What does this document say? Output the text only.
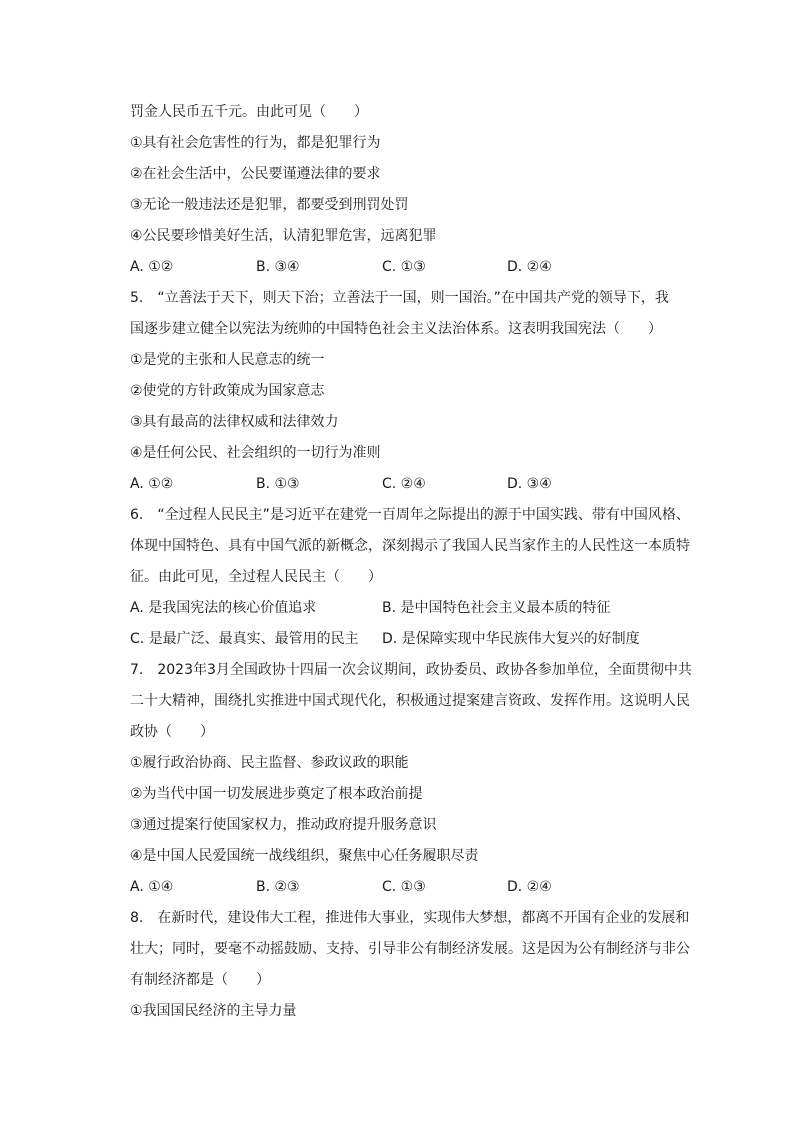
罚金人民币五千元。由此可见（　　）
①具有社会危害性的行为，都是犯罪行为
②在社会生活中，公民要谨遵法律的要求
③无论一般违法还是犯罪，都要受到刑罚处罚
④公民要珍惜美好生活，认清犯罪危害，远离犯罪
A. ①②	B. ③④	C. ①③	D. ②④
5.　“立善法于天下，则天下治；立善法于一国，则一国治。”在中国共产党的领导下，我
国逐步建立健全以宪法为统帅的中国特色社会主义法治体系。这表明我国宪法（　　）
①是党的主张和人民意志的统一
②使党的方针政策成为国家意志
③具有最高的法律权威和法律效力
④是任何公民、社会组织的一切行为准则
A. ①②	B. ①③	C. ②④	D. ③④
6.　“全过程人民民主”是习近平在建党一百周年之际提出的源于中国实践、带有中国风格、
体现中国特色、具有中国气派的新概念，深刻揭示了我国人民当家作主的人民性这一本质特
征。由此可见，全过程人民民主（　　）
A. 是我国宪法的核心价值追求	B. 是中国特色社会主义最本质的特征
C. 是最广泛、最真实、最管用的民主 D. 是保障实现中华民族伟大复兴的好制度
7.　2023年3月全国政协十四届一次会议期间，政协委员、政协各参加单位，全面贯彻中共
二十大精神，围绕扎实推进中国式现代化，积极通过提案建言资政、发挥作用。这说明人民
政协（　　）
①履行政治协商、民主监督、参政议政的职能
②为当代中国一切发展进步奠定了根本政治前提
③通过提案行使国家权力，推动政府提升服务意识
④是中国人民爱国统一战线组织，聚焦中心任务履职尽责
A. ①④	B. ②③	C. ①③	D. ②④
8.　在新时代，建设伟大工程，推进伟大事业，实现伟大梦想，都离不开国有企业的发展和
壮大；同时，要毫不动摇鼓励、支持、引导非公有制经济发展。这是因为公有制经济与非公
有制经济都是（　　）
①我国国民经济的主导力量
